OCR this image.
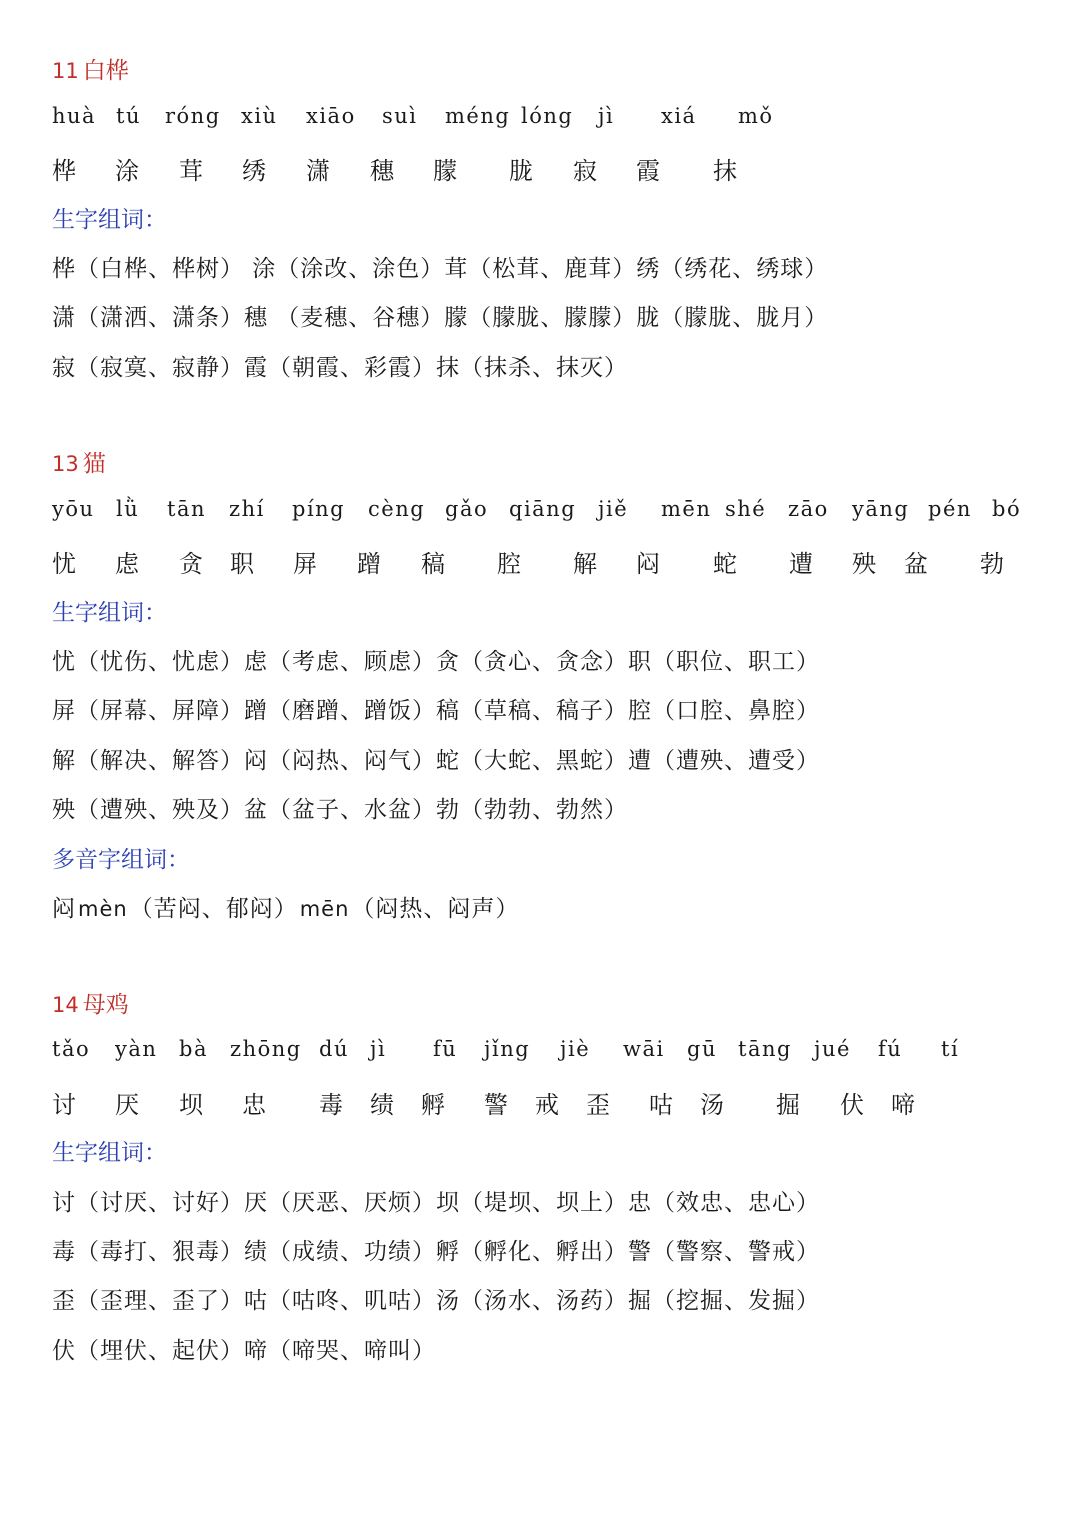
11 白桦
huà tú róng xiù xiāo suì méng lóng jì xiá mǒ
桦 涂 茸 绣 潇 穗 朦 胧 寂 霞 抹
生字组词：
桦（白桦、桦树） 涂（涂改、涂色）茸（松茸、鹿茸）绣（绣花、绣球）
潇（潇洒、潇条）穗 （麦穗、谷穗）朦（朦胧、朦朦）胧（朦胧、胧月）
寂（寂寞、寂静）霞（朝霞、彩霞）抹（抹杀、抹灭）
13 猫
yōu lǜ tān zhí píng cèng gǎo qiāng jiě mēn shé zāo yāng pén bó
忧 虑 贪 职 屏 蹭 稿 腔 解 闷 蛇 遭 殃 盆 勃
生字组词：
忧（忧伤、忧虑）虑（考虑、顾虑）贪（贪心、贪念）职（职位、职工）
屏（屏幕、屏障）蹭（磨蹭、蹭饭）稿（草稿、稿子）腔（口腔、鼻腔）
解（解决、解答）闷（闷热、闷气）蛇（大蛇、黑蛇）遭（遭殃、遭受）
殃（遭殃、殃及）盆（盆子、水盆）勃（勃勃、勃然）
多音字组词：
闷mèn（苦闷、郁闷）mēn（闷热、闷声）
14 母鸡
tǎo yàn bà zhōng dú jì fū jǐng jiè wāi gū tāng jué fú tí
讨 厌 坝 忠 毒 绩 孵 警 戒 歪 咕 汤 掘 伏 啼
生字组词：
讨（讨厌、讨好）厌（厌恶、厌烦）坝（堤坝、坝上）忠（效忠、忠心）
毒（毒打、狠毒）绩（成绩、功绩）孵（孵化、孵出）警（警察、警戒）
歪（歪理、歪了）咕（咕咚、叽咕）汤（汤水、汤药）掘（挖掘、发掘）
伏（埋伏、起伏）啼（啼哭、啼叫）
